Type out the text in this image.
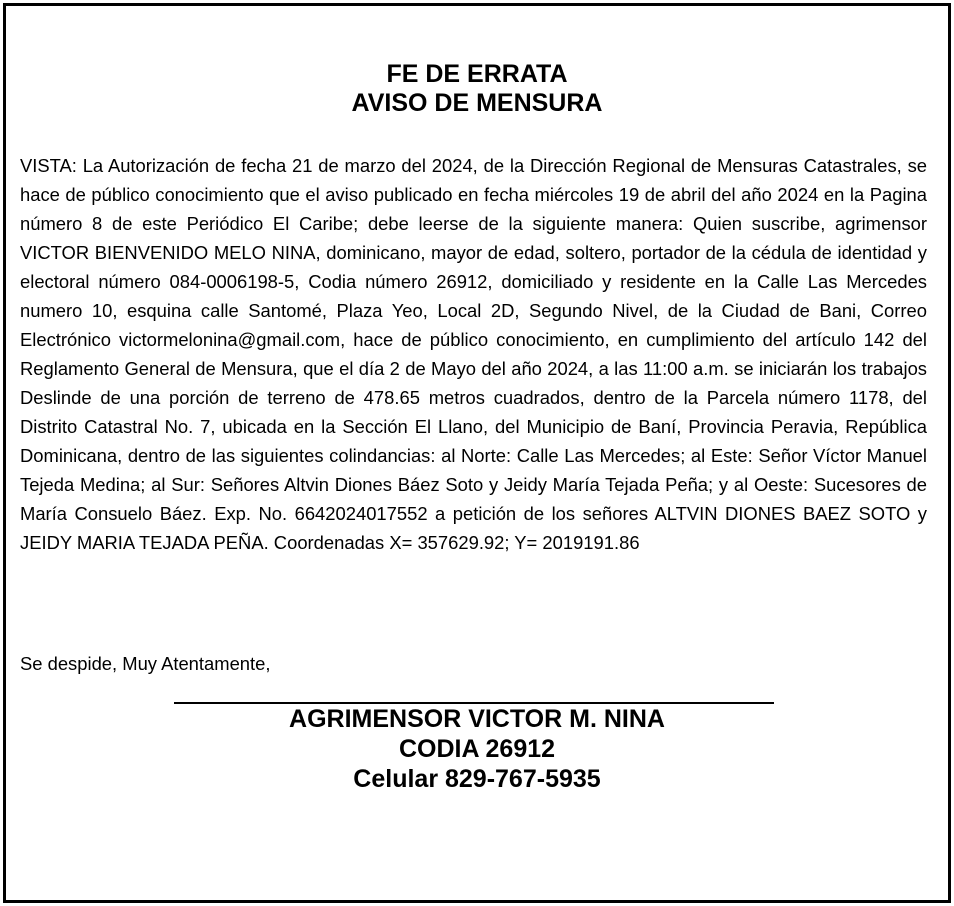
FE DE ERRATA
AVISO DE MENSURA

VISTA: La Autorización de fecha 21 de marzo del 2024, de la Dirección Regional de Mensuras Catastrales, se hace de público conocimiento que el aviso publicado en fecha miércoles 19 de abril del año 2024 en la Pagina número 8 de este Periódico El Caribe; debe leerse de la siguiente manera: Quien suscribe, agrimensor VICTOR BIENVENIDO MELO NINA, dominicano, mayor de edad, soltero, portador de la cédula de identidad y electoral número 084-0006198-5, Codia número 26912, domiciliado y residente en la Calle Las Mercedes numero 10, esquina calle Santomé, Plaza Yeo, Local 2D, Segundo Nivel, de la Ciudad de Bani, Correo Electrónico victormelonina@gmail.com, hace de público conocimiento, en cumplimiento del artículo 142 del Reglamento General de Mensura, que el día 2 de Mayo del año 2024, a las 11:00 a.m. se iniciarán los trabajos Deslinde de una porción de terreno de 478.65 metros cuadrados, dentro de la Parcela número 1178, del Distrito Catastral No. 7, ubicada en la Sección El Llano, del Municipio de Baní, Provincia Peravia, República Dominicana, dentro de las siguientes colindancias: al Norte: Calle Las Mercedes; al Este: Señor Víctor Manuel Tejeda Medina; al Sur: Señores Altvin Diones Báez Soto y Jeidy María Tejada Peña; y al Oeste: Sucesores de María Consuelo Báez. Exp. No. 6642024017552 a petición de los señores ALTVIN DIONES BAEZ SOTO y JEIDY MARIA TEJADA PEÑA. Coordenadas X= 357629.92; Y= 2019191.86

Se despide, Muy Atentamente,

AGRIMENSOR VICTOR M. NINA
CODIA 26912
Celular 829-767-5935
